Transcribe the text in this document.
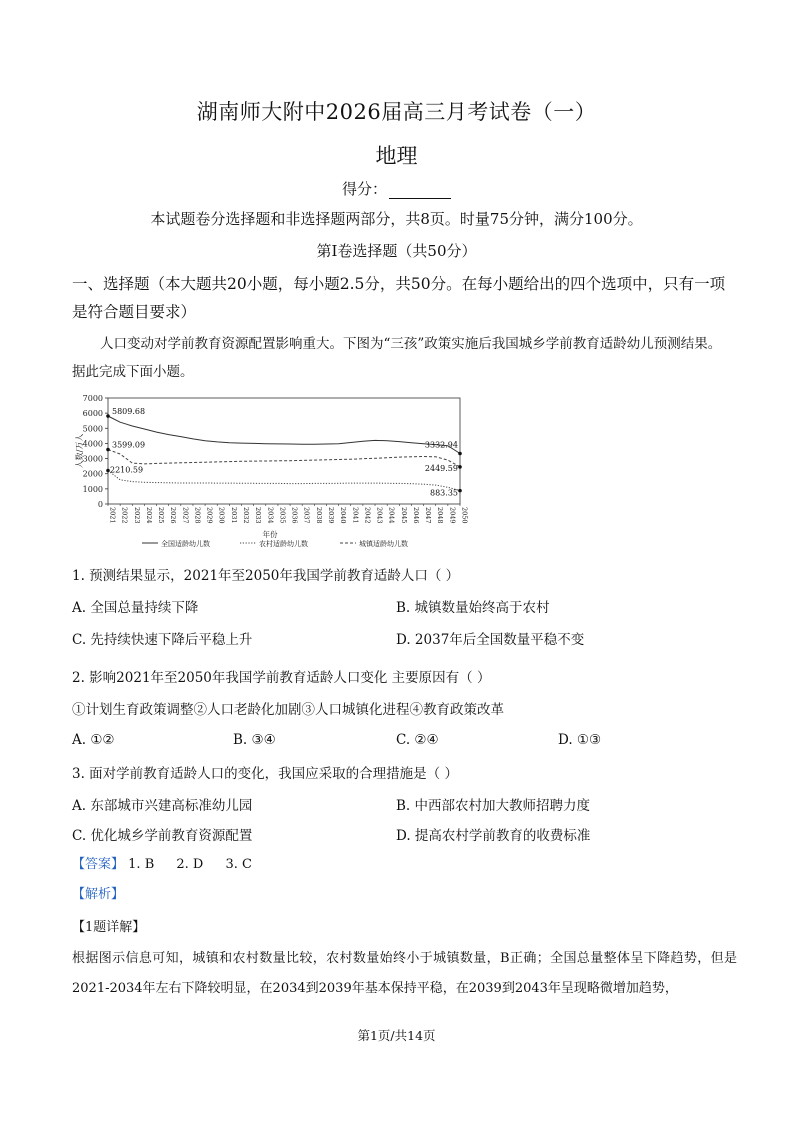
湖南师大附中2026届高三月考试卷（一）
地理
得分：
本试题卷分选择题和非选择题两部分，共8页。时量75分钟，满分100分。
第Ⅰ卷选择题（共50分）
一、选择题（本大题共20小题，每小题2.5分，共50分。在每小题给出的四个选项中，只有一项是符合题目要求）
人口变动对学前教育资源配置影响重大。下图为“三孩”政策实施后我国城乡学前教育适龄幼儿预测结果。据此完成下面小题。
0
1000
2000
3000
4000
5000
6000
7000
2021 2022 2023 2024 2025 2026 2027 2028 2029 2030 2031 2032 2033 2034 2035 2036 2037 2038 2039 2040 2041 2042 2043 2044 2045 2046 2047 2048 2049 2050
人数/万人
年份
5809.68
3599.09
2210.59
3332.94
2449.59
883.35
全国适龄幼儿数	农村适龄幼儿数	城镇适龄幼儿数
1. 预测结果显示，2021年至2050年我国学前教育适龄人口（ ）
A. 全国总量持续下降	B. 城镇数量始终高于农村
C. 先持续快速下降后平稳上升	D. 2037年后全国数量平稳不变
2. 影响2021年至2050年我国学前教育适龄人口变化 主要原因有（ ）
①计划生育政策调整②人口老龄化加剧③人口城镇化进程④教育政策改革
A. ①②	B. ③④	C. ②④	D. ①③
3. 面对学前教育适龄人口的变化，我国应采取的合理措施是（ ）
A. 东部城市兴建高标准幼儿园	B. 中西部农村加大教师招聘力度
C. 优化城乡学前教育资源配置	D. 提高农村学前教育的收费标准
【答案】 1. B 2. D 3. C
【解析】
【1题详解】
根据图示信息可知，城镇和农村数量比较，农村数量始终小于城镇数量，B正确；全国总量整体呈下降趋势，但是2021-2034年左右下降较明显，在2034到2039年基本保持平稳，在2039到2043年呈现略微增加趋势，
第1页/共14页
